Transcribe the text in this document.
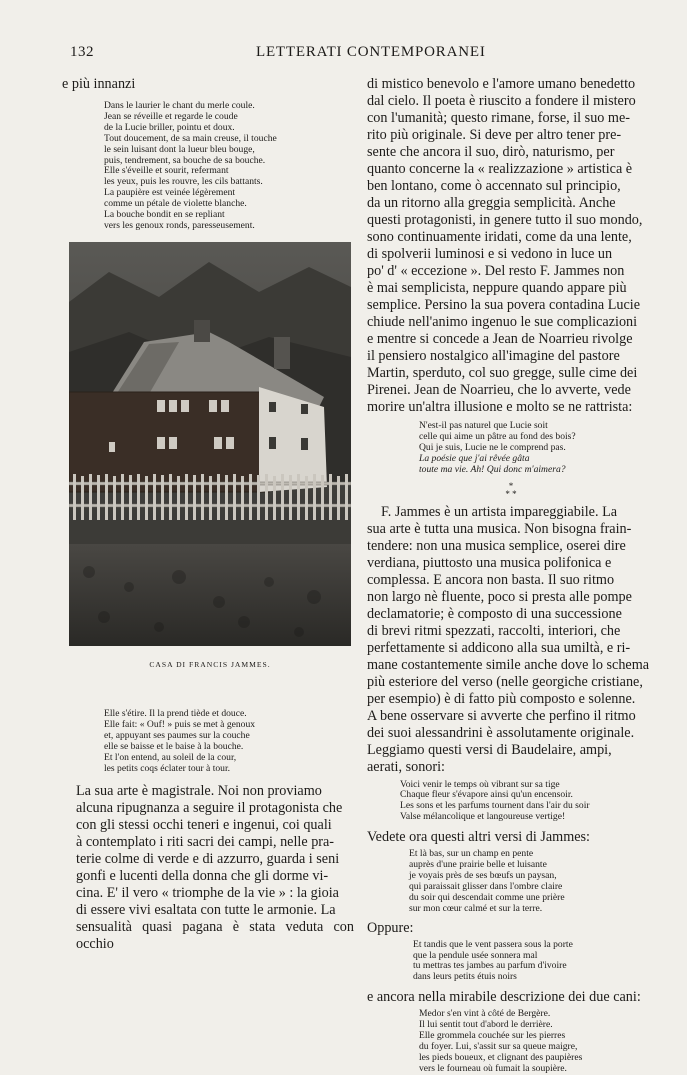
132	LETTERATI CONTEMPORANEI

e più innanzi

Dans le laurier le chant du merle coule.
Jean se réveille et regarde le coude
de la Lucie briller, pointu et doux.
Tout doucement, de sa main creuse, il touche
le sein luisant dont la lueur bleu bouge,
puis, tendrement, sa bouche de sa bouche.
Elle s'éveille et sourit, refermant
les yeux, puis les rouvre, les cils battants.
La paupière est veinée légèrement
comme un pétale de violette blanche.
La bouche bondit en se repliant
vers les genoux ronds, paresseusement.
CASA DI FRANCIS JAMMES.
Elle s'étire. Il la prend tiède et douce.
Elle fait: « Ouf! » puis se met à genoux
et, appuyant ses paumes sur la couche
elle se baisse et le baise à la bouche.
Et l'on entend, au soleil de la cour,
les petits coqs éclater tour à tour.
La sua arte è magistrale. Noi non proviamo
alcuna ripugnanza a seguire il protagonista che
con gli stessi occhi teneri e ingenui, coi quali
à contemplato i riti sacri dei campi, nelle pra-
terie colme di verde e di azzurro, guarda i seni
gonfi e lucenti della donna che gli dorme vi-
cina. E' il vero « triomphe de la vie » : la gioia
di essere vivi esaltata con tutte le armonie. La
sensualità quasi pagana è stata veduta con occhio
di mistico benevolo e l'amore umano benedetto
dal cielo. Il poeta è riuscito a fondere il mistero
con l'umanità; questo rimane, forse, il suo me-
rito più originale. Si deve per altro tener pre-
sente che ancora il suo, dirò, naturismo, per
quanto concerne la « realizzazione » artistica è
ben lontano, come ò accennato sul principio,
da un ritorno alla greggia semplicità. Anche
questi protagonisti, in genere tutto il suo mondo,
sono continuamente iridati, come da una lente,
di spolverii luminosi e si vedono in luce un
po' d' « eccezione ». Del resto F. Jammes non
è mai semplicista, neppure quando appare più
semplice. Persino la sua povera contadina Lucie
chiude nell'animo ingenuo le sue complicazioni
e mentre si concede a Jean de Noarrieu rivolge
il pensiero nostalgico all'imagine del pastore
Martin, sperduto, col suo gregge, sulle cime dei
Pirenei. Jean de Noarrieu, che lo avverte, vede
morire un'altra illusione e molto se ne rattrista:
N'est-il pas naturel que Lucie soit
celle qui aime un pâtre au fond des bois?
Qui je suis, Lucie ne le comprend pas.
La poésie que j'ai rêvée gâta
toute ma vie. Ah! Qui donc m'aimera?
*
* *
F. Jammes è un artista impareggiabile. La
sua arte è tutta una musica. Non bisogna frain-
tendere: non una musica semplice, oserei dire
verdiana, piuttosto una musica polifonica e
complessa. E ancora non basta. Il suo ritmo
non largo nè fluente, poco si presta alle pompe
declamatorie; è composto di una successione
di brevi ritmi spezzati, raccolti, interiori, che
perfettamente si addicono alla sua umiltà, e ri-
mane costantemente simile anche dove lo schema
più esteriore del verso (nelle georgiche cristiane,
per esempio) è di fatto più composto e solenne.
A bene osservare si avverte che perfino il ritmo
dei suoi alessandrini è assolutamente originale.
Leggiamo questi versi di Baudelaire, ampi,
aerati, sonori:
Voici venir le temps où vibrant sur sa tige
Chaque fleur s'évapore ainsi qu'un encensoir.
Les sons et les parfums tournent dans l'air du soir
Valse mélancolique et langoureuse vertige!

Vedete ora questi altri versi di Jammes:

Et là bas, sur un champ en pente
auprès d'une prairie belle et luisante
je voyais près de ses bœufs un paysan,
qui paraissait glisser dans l'ombre claire
du soir qui descendait comme une prière
sur mon cœur calmé et sur la terre.

Oppure:

Et tandis que le vent passera sous la porte
que la pendule usée sonnera mal
tu mettras tes jambes au parfum d'ivoire
dans leurs petits étuis noirs

e ancora nella mirabile descrizione dei due cani:

Medor s'en vint à côté de Bergère.
Il lui sentit tout d'abord le derrière.
Elle grommela couchée sur les pierres
du foyer. Lui, s'assit sur sa queue maigre,
les pieds boueux, et clignant des paupières
vers le fourneau où fumait la soupière.
